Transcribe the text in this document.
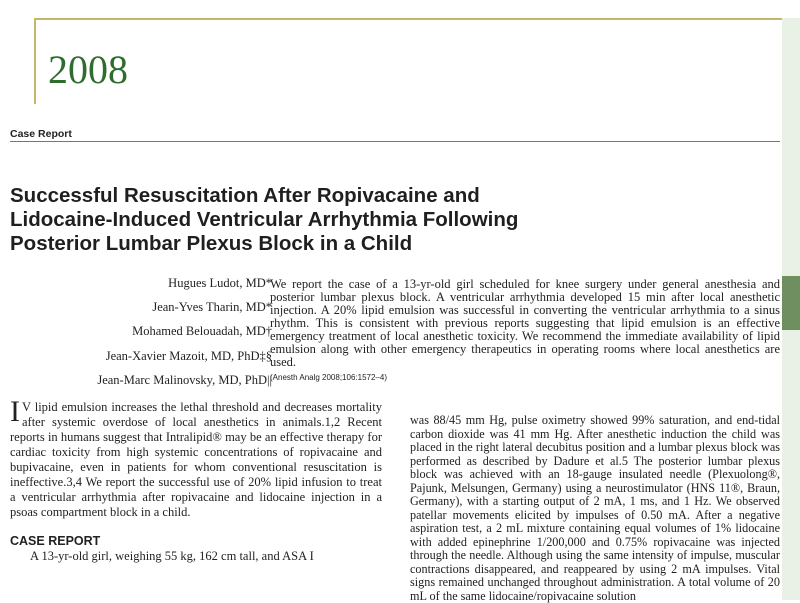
2008
Case Report
Successful Resuscitation After Ropivacaine and
Lidocaine-Induced Ventricular Arrhythmia Following
Posterior Lumbar Plexus Block in a Child
Hugues Ludot, MD*
Jean-Yves Tharin, MD*
Mohamed Belouadah, MD†
Jean-Xavier Mazoit, MD, PhD‡§
Jean-Marc Malinovsky, MD, PhD||

We report the case of a 13-yr-old girl scheduled for knee surgery under general anesthesia and posterior lumbar plexus block. A ventricular arrhythmia developed 15 min after local anesthetic injection. A 20% lipid emulsion was successful in converting the ventricular arrhythmia to a sinus rhythm. This is consistent with previous reports suggesting that lipid emulsion is an effective emergency treatment of local anesthetic toxicity. We recommend the immediate availability of lipid emulsion along with other emergency therapeutics in operating rooms where local anesthetics are used.

(Anesth Analg 2008;106:1572–4)

I V lipid emulsion increases the lethal threshold and decreases mortality after systemic overdose of local anesthetics in animals.1,2 Recent reports in humans suggest that Intralipid® may be an effective therapy for cardiac toxicity from high systemic concentrations of ropivacaine and bupivacaine, even in patients for whom conventional resuscitation is ineffective.3,4 We report the successful use of 20% lipid infusion to treat a ventricular arrhythmia after ropivacaine and lidocaine injection in a psoas compartment block in a child.

CASE REPORT

A 13-yr-old girl, weighing 55 kg, 162 cm tall, and ASA I

was 88/45 mm Hg, pulse oximetry showed 99% saturation, and end-tidal carbon dioxide was 41 mm Hg. After anesthetic induction the child was placed in the right lateral decubitus position and a lumbar plexus block was performed as described by Dadure et al.5 The posterior lumbar plexus block was achieved with an 18-gauge insulated needle (Plexuolong®, Pajunk, Melsungen, Germany) using a neurostimulator (HNS 11®, Braun, Germany), with a starting output of 2 mA, 1 ms, and 1 Hz. We observed patellar movements elicited by impulses of 0.50 mA. After a negative aspiration test, a 2 mL mixture containing equal volumes of 1% lidocaine with added epinephrine 1/200,000 and 0.75% ropivacaine was injected through the needle. Although using the same intensity of impulse, muscular contractions disappeared, and reappeared by using 2 mA impulses. Vital signs remained unchanged throughout administration. A total volume of 20 mL of the same lidocaine/ropivacaine solution
